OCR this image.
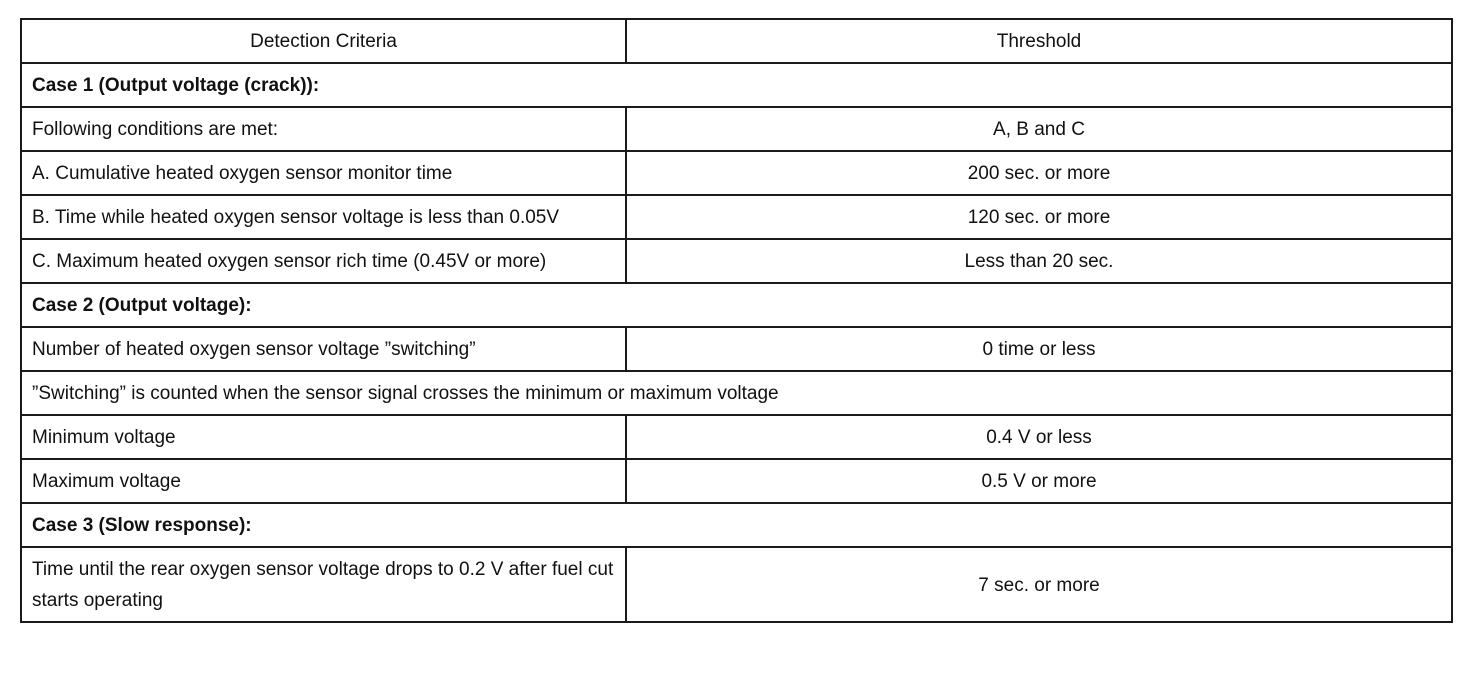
Detection Criteria	Threshold
Case 1 (Output voltage (crack)):	
Following conditions are met:	A, B and C
A. Cumulative heated oxygen sensor monitor time	200 sec. or more
B. Time while heated oxygen sensor voltage is less than 0.05V	120 sec. or more
C. Maximum heated oxygen sensor rich time (0.45V or more)	Less than 20 sec.
Case 2 (Output voltage):	
Number of heated oxygen sensor voltage ”switching”	0 time or less
”Switching” is counted when the sensor signal crosses the minimum or maximum voltage	
Minimum voltage	0.4 V or less
Maximum voltage	0.5 V or more
Case 3 (Slow response):	
Time until the rear oxygen sensor voltage drops to 0.2 V after fuel cut starts operating	7 sec. or more
